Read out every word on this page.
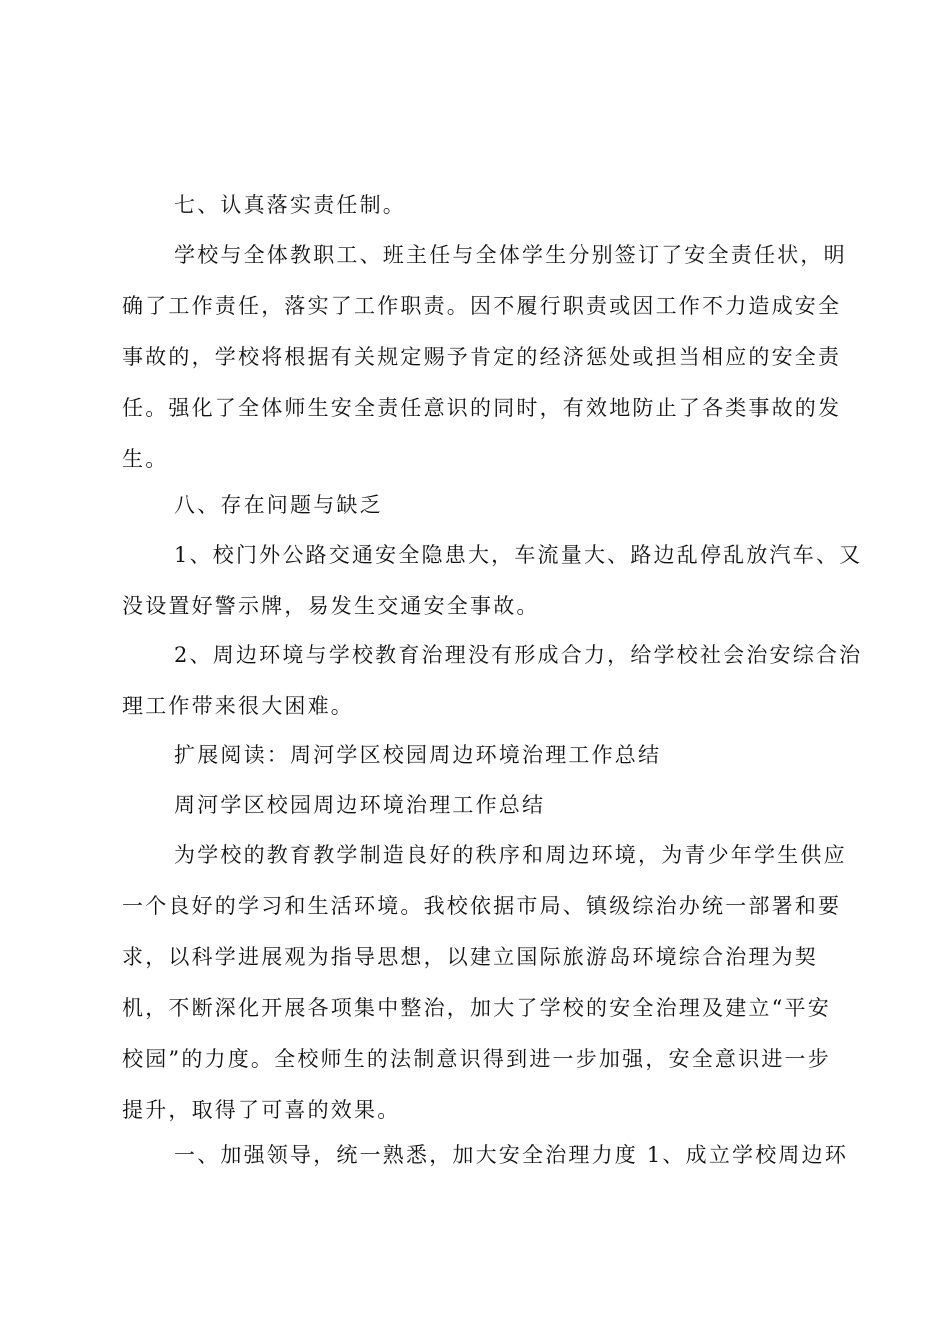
七、认真落实责任制。

学校与全体教职工、班主任与全体学生分别签订了安全责任状，明
确了工作责任，落实了工作职责。因不履行职责或因工作不力造成安全
事故的，学校将根据有关规定赐予肯定的经济惩处或担当相应的安全责
任。强化了全体师生安全责任意识的同时，有效地防止了各类事故的发
生。

八、存在问题与缺乏

1、校门外公路交通安全隐患大，车流量大、路边乱停乱放汽车、又
没设置好警示牌，易发生交通安全事故。

2、周边环境与学校教育治理没有形成合力，给学校社会治安综合治
理工作带来很大困难。

扩展阅读：周河学区校园周边环境治理工作总结

周河学区校园周边环境治理工作总结

为学校的教育教学制造良好的秩序和周边环境，为青少年学生供应
一个良好的学习和生活环境。我校依据市局、镇级综治办统一部署和要
求，以科学进展观为指导思想，以建立国际旅游岛环境综合治理为契
机，不断深化开展各项集中整治，加大了学校的安全治理及建立“平安
校园”的力度。全校师生的法制意识得到进一步加强，安全意识进一步
提升，取得了可喜的效果。

一、加强领导，统一熟悉，加大安全治理力度 1、成立学校周边环
